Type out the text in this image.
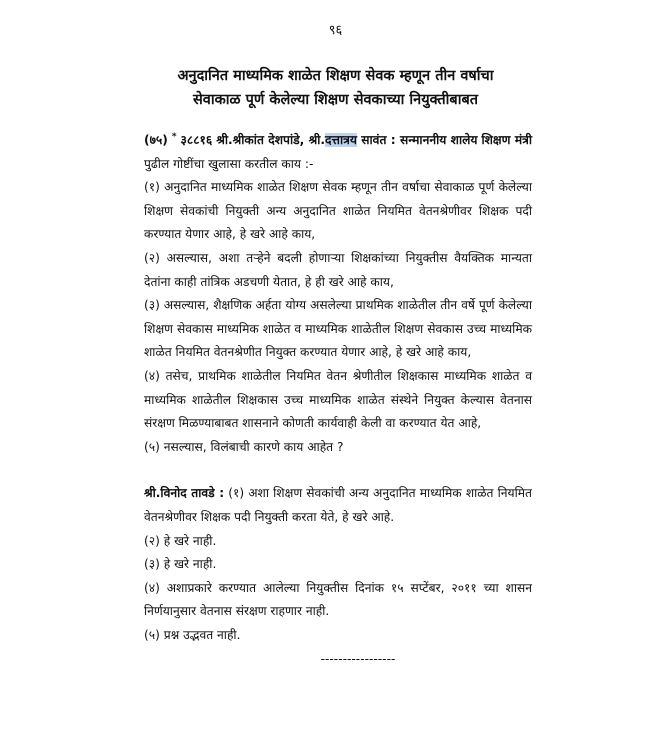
९६
अनुदानित माध्यमिक शाळेत शिक्षण सेवक म्हणून तीन वर्षाचा
सेवाकाळ पूर्ण केलेल्या शिक्षण सेवकाच्या नियुक्तीबाबत

(७५) * ३८८१६ श्री.श्रीकांत देशपांडे, श्री.दत्तात्रय सावंत : सन्माननीय शालेय शिक्षण मंत्री पुढील गोष्टींचा खुलासा करतील काय :-

(१) अनुदानित माध्यमिक शाळेत शिक्षण सेवक म्हणून तीन वर्षाचा सेवाकाळ पूर्ण केलेल्या शिक्षण सेवकांची नियुक्ती अन्य अनुदानित शाळेत नियमित वेतनश्रेणीवर शिक्षक पदी करण्यात येणार आहे, हे खरे आहे काय,

(२) असल्यास, अशा तऱ्हेने बदली होणाऱ्या शिक्षकांच्या नियुक्तीस वैयक्तिक मान्यता देतांना काही तांत्रिक अडचणी येतात, हे ही खरे आहे काय,

(३) असल्यास, शैक्षणिक अर्हता योग्य असलेल्या प्राथमिक शाळेतील तीन वर्षे पूर्ण केलेल्या शिक्षण सेवकास माध्यमिक शाळेत व माध्यमिक शाळेतील शिक्षण सेवकास उच्च माध्यमिक शाळेत नियमित वेतनश्रेणीत नियुक्त करण्यात येणार आहे, हे खरे आहे काय,

(४) तसेच, प्राथमिक शाळेतील नियमित वेतन श्रेणीतील शिक्षकास माध्यमिक शाळेत व माध्यमिक शाळेतील शिक्षकास उच्च माध्यमिक शाळेत संस्थेने नियुक्त केल्यास वेतनास संरक्षण मिळण्याबाबत शासनाने कोणती कार्यवाही केली वा करण्यात येत आहे,

(५) नसल्यास, विलंबाची कारणे काय आहेत ?

श्री.विनोद तावडे : (१) अशा शिक्षण सेवकांची अन्य अनुदानित माध्यमिक शाळेत नियमित वेतनश्रेणीवर शिक्षक पदी नियुक्ती करता येते, हे खरे आहे.

(२) हे खरे नाही.

(३) हे खरे नाही.

(४) अशाप्रकारे करण्यात आलेल्या नियुक्तीस दिनांक १५ सप्टेंबर, २०११ च्या शासन निर्णयानुसार वेतनास संरक्षण राहणार नाही.

(५) प्रश्न उद्भवत नाही.

-----------------
